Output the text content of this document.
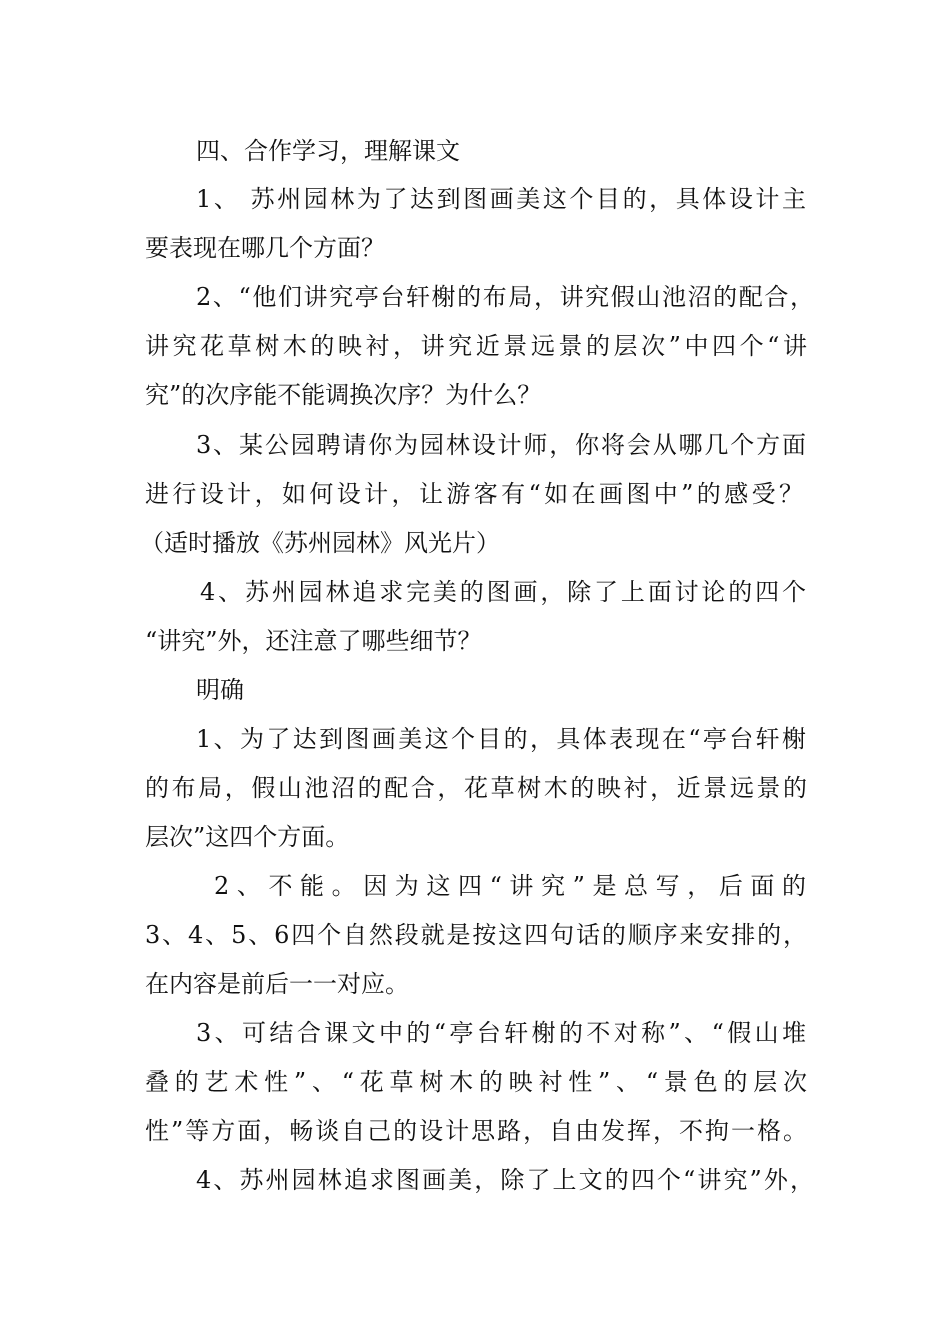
四、合作学习，理解课文
1、 苏州园林为了达到图画美这个目的，具体设计主
要表现在哪几个方面？
2、“他们讲究亭台轩榭的布局，讲究假山池沼的配合，
讲究花草树木的映衬，讲究近景远景的层次”中四个“讲
究”的次序能不能调换次序？为什么？
3、某公园聘请你为园林设计师，你将会从哪几个方面
进行设计，如何设计，让游客有“如在画图中”的感受？
（适时播放《苏州园林》风光片）
4、苏州园林追求完美的图画，除了上面讨论的四个
“讲究”外，还注意了哪些细节？
明确
1、为了达到图画美这个目的，具体表现在“亭台轩榭
的布局，假山池沼的配合，花草树木的映衬，近景远景的
层次”这四个方面。
2、不能。因为这四“讲究”是总写，后面的
3、4、5、6四个自然段就是按这四句话的顺序来安排的，
在内容是前后一一对应。
3、可结合课文中的“亭台轩榭的不对称”、“假山堆
叠的艺术性”、“花草树木的映衬性”、“景色的层次
性”等方面，畅谈自己的设计思路，自由发挥，不拘一格。
4、苏州园林追求图画美，除了上文的四个“讲究”外，
